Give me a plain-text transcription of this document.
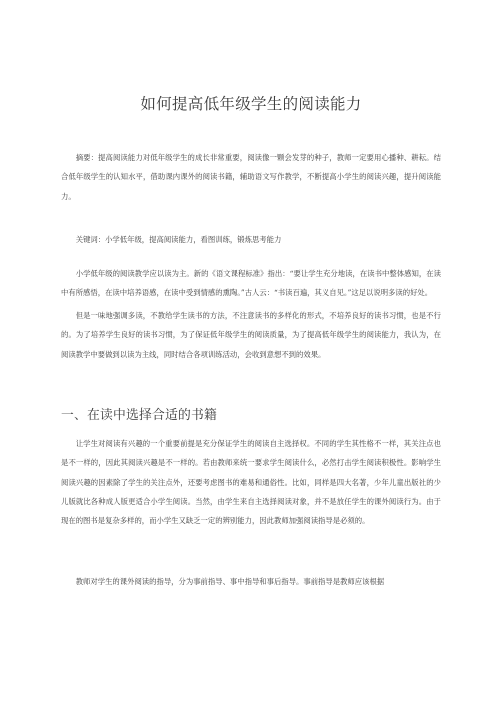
如何提高低年级学生的阅读能力

摘要：提高阅读能力对低年级学生的成长非常重要，阅读像一颗会发芽的种子，教师一定要用心播种、耕耘。结合低年级学生的认知水平，借助课内课外的阅读书籍，辅助语文写作教学，不断提高小学生的阅读兴趣，提升阅读能力。

关键词：小学低年级，提高阅读能力，看图训练，锻炼思考能力

小学低年级的阅读教学应以读为主。新的《语文课程标准》指出：“要让学生充分地读，在读书中整体感知，在读中有所感悟，在读中培养语感，在读中受到情感的熏陶。”古人云：“书读百遍，其义自见。”这足以说明多读的好处。

但是一味地强调多读，不教给学生读书的方法，不注意读书的多样化的形式，不培养良好的读书习惯，也是不行的。为了培养学生良好的读书习惯，为了保证低年级学生的阅读质量，为了提高低年级学生的阅读能力，我认为，在阅读教学中要做到以读为主线，同时结合各项训练活动，会收到意想不到的效果。

一、在读中选择合适的书籍

让学生对阅读有兴趣的一个重要前提是充分保证学生的阅读自主选择权。不同的学生其性格不一样，其关注点也是不一样的，因此其阅读兴趣是不一样的。若由教师来统一要求学生阅读什么，必然打击学生阅读积极性。影响学生阅读兴趣的因素除了学生的关注点外，还要考虑图书的难易和通俗性。比如，同样是四大名著，少年儿童出版社的少儿版就比各种成人版更适合小学生阅读。当然，由学生来自主选择阅读对象，并不是放任学生的课外阅读行为。由于现在的图书是复杂多样的，而小学生又缺乏一定的辨别能力，因此教师加强阅读指导是必须的。

教师对学生的课外阅读的指导，分为事前指导、事中指导和事后指导。事前指导是教师应该根据
